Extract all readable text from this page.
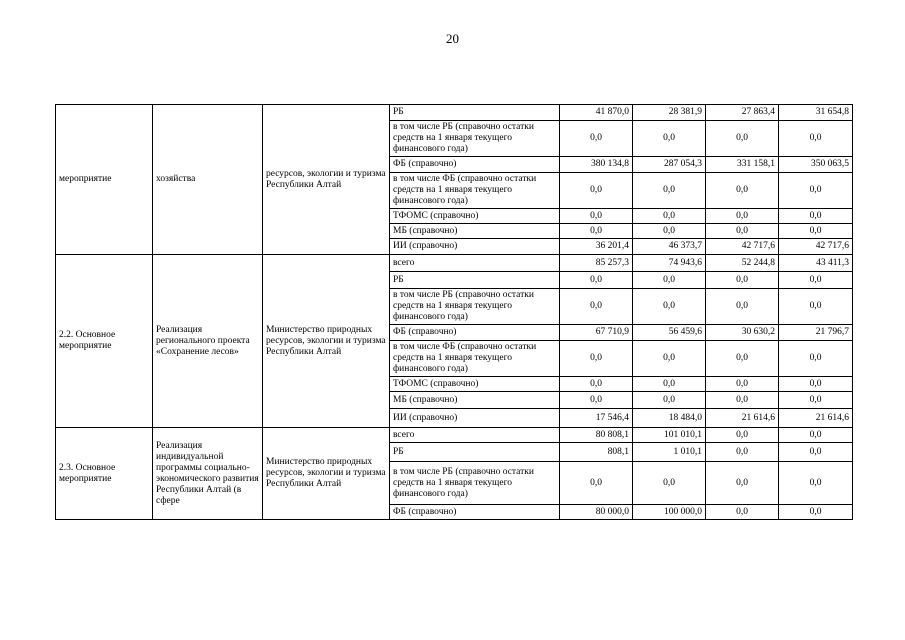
20
мероприятие	хозяйства	ресурсов, экологии и туризма Республики Алтай	РБ	41 870,0	28 381,9	27 863,4	31 654,8
			в том числе РБ (справочно остатки средств на 1 января текущего финансового года)	0,0	0,0	0,0	0,0
			ФБ (справочно)	380 134,8	287 054,3	331 158,1	350 063,5
			в том числе ФБ (справочно остатки средств на 1 января текущего финансового года)	0,0	0,0	0,0	0,0
			ТФОМС (справочно)	0,0	0,0	0,0	0,0
			МБ (справочно)	0,0	0,0	0,0	0,0
			ИИ (справочно)	36 201,4	46 373,7	42 717,6	42 717,6
2.2. Основное мероприятие	Реализация регионального проекта «Сохранение лесов»	Министерство природных ресурсов, экологии и туризма Республики Алтай	всего	85 257,3	74 943,6	52 244,8	43 411,3
			РБ	0,0	0,0	0,0	0,0
			в том числе РБ (справочно остатки средств на 1 января текущего финансового года)	0,0	0,0	0,0	0,0
			ФБ (справочно)	67 710,9	56 459,6	30 630,2	21 796,7
			в том числе ФБ (справочно остатки средств на 1 января текущего финансового года)	0,0	0,0	0,0	0,0
			ТФОМС (справочно)	0,0	0,0	0,0	0,0
			МБ (справочно)	0,0	0,0	0,0	0,0
			ИИ (справочно)	17 546,4	18 484,0	21 614,6	21 614,6
2.3. Основное мероприятие	Реализация индивидуальной программы социально-экономического развития Республики Алтай (в сфере	Министерство природных ресурсов, экологии и туризма Республики Алтай	всего	80 808,1	101 010,1	0,0	0,0
			РБ	808,1	1 010,1	0,0	0,0
			в том числе РБ (справочно остатки средств на 1 января текущего финансового года)	0,0	0,0	0,0	0,0
			ФБ (справочно)	80 000,0	100 000,0	0,0	0,0
